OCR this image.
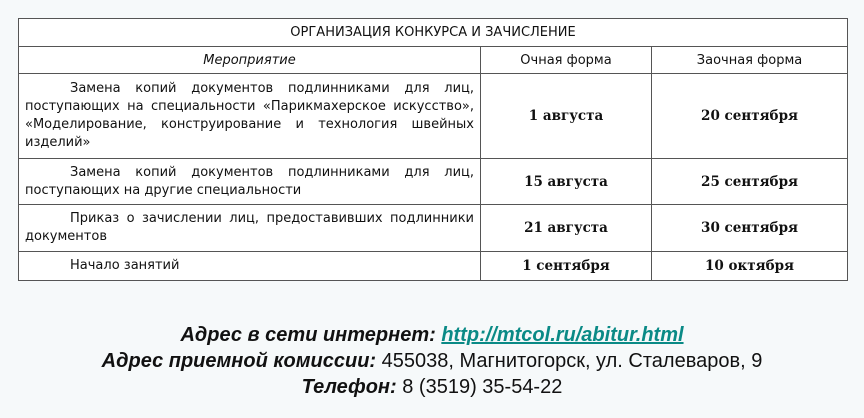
ОРГАНИЗАЦИЯ КОНКУРСА И ЗАЧИСЛЕНИЕ		
Мероприятие	Очная форма	Заочная форма

Замена копий документов подлинниками для лиц, поступающих на специальности «Парикмахерское искусство», «Моделирование, конструирование и технология швейных изделий»	1 августа	20 сентября

Замена копий документов подлинниками для лиц, поступающих на другие специальности	15 августа	25 сентября

Приказ о зачислении лиц, предоставивших подлинники документов	21 августа	30 сентября

Начало занятий	1 сентября	10 октября
Адрес в сети интернет: http://mtcol.ru/abitur.html
Адрес приемной комиссии: 455038, Магнитогорск, ул. Сталеваров, 9
Телефон: 8 (3519) 35-54-22
